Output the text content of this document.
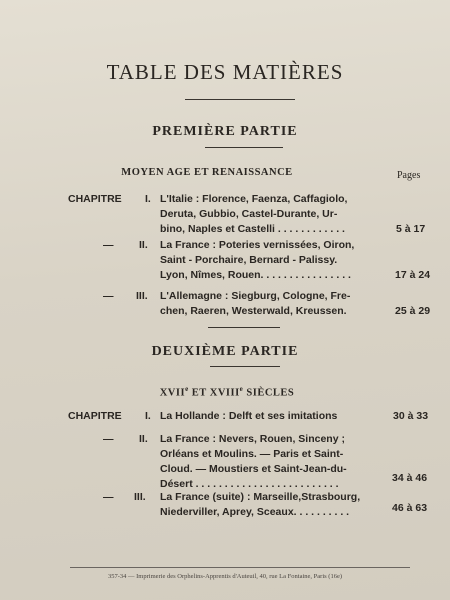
TABLE DES MATIÈRES
PREMIÈRE PARTIE
MOYEN AGE ET RENAISSANCE	Pages
CHAPITRE I. L'Italie : Florence, Faenza, Caffagiolo,
Deruta, Gubbio, Castel-Durante, Ur-
bino, Naples et Castelli . . . . . . . . . . . .	5 à 17
— II. La France : Poteries vernissées, Oiron,
Saint - Porchaire, Bernard - Palissy.
Lyon, Nîmes, Rouen. . . . . . . . . . . . . . . .	17 à 24
— III. L'Allemagne : Siegburg, Cologne, Fre-
chen, Raeren, Westerwald, Kreussen.	25 à 29
DEUXIÈME PARTIE
XVIIe ET XVIIIe SIÈCLES
CHAPITRE I. La Hollande : Delft et ses imitations	30 à 33
— II. La France : Nevers, Rouen, Sinceny ;
Orléans et Moulins. — Paris et Saint-
Cloud. — Moustiers et Saint-Jean-du-
Désert . . . . . . . . . . . . . . . . . . . . . . . . .	34 à 46
— III. La France (suite) : Marseille,Strasbourg,
Niederviller, Aprey, Sceaux. . . . . . . . . .	46 à 63
357-34 — Imprimerie des Orphelins-Apprentis d'Auteuil, 40, rue La Fontaine, Paris (16e)
